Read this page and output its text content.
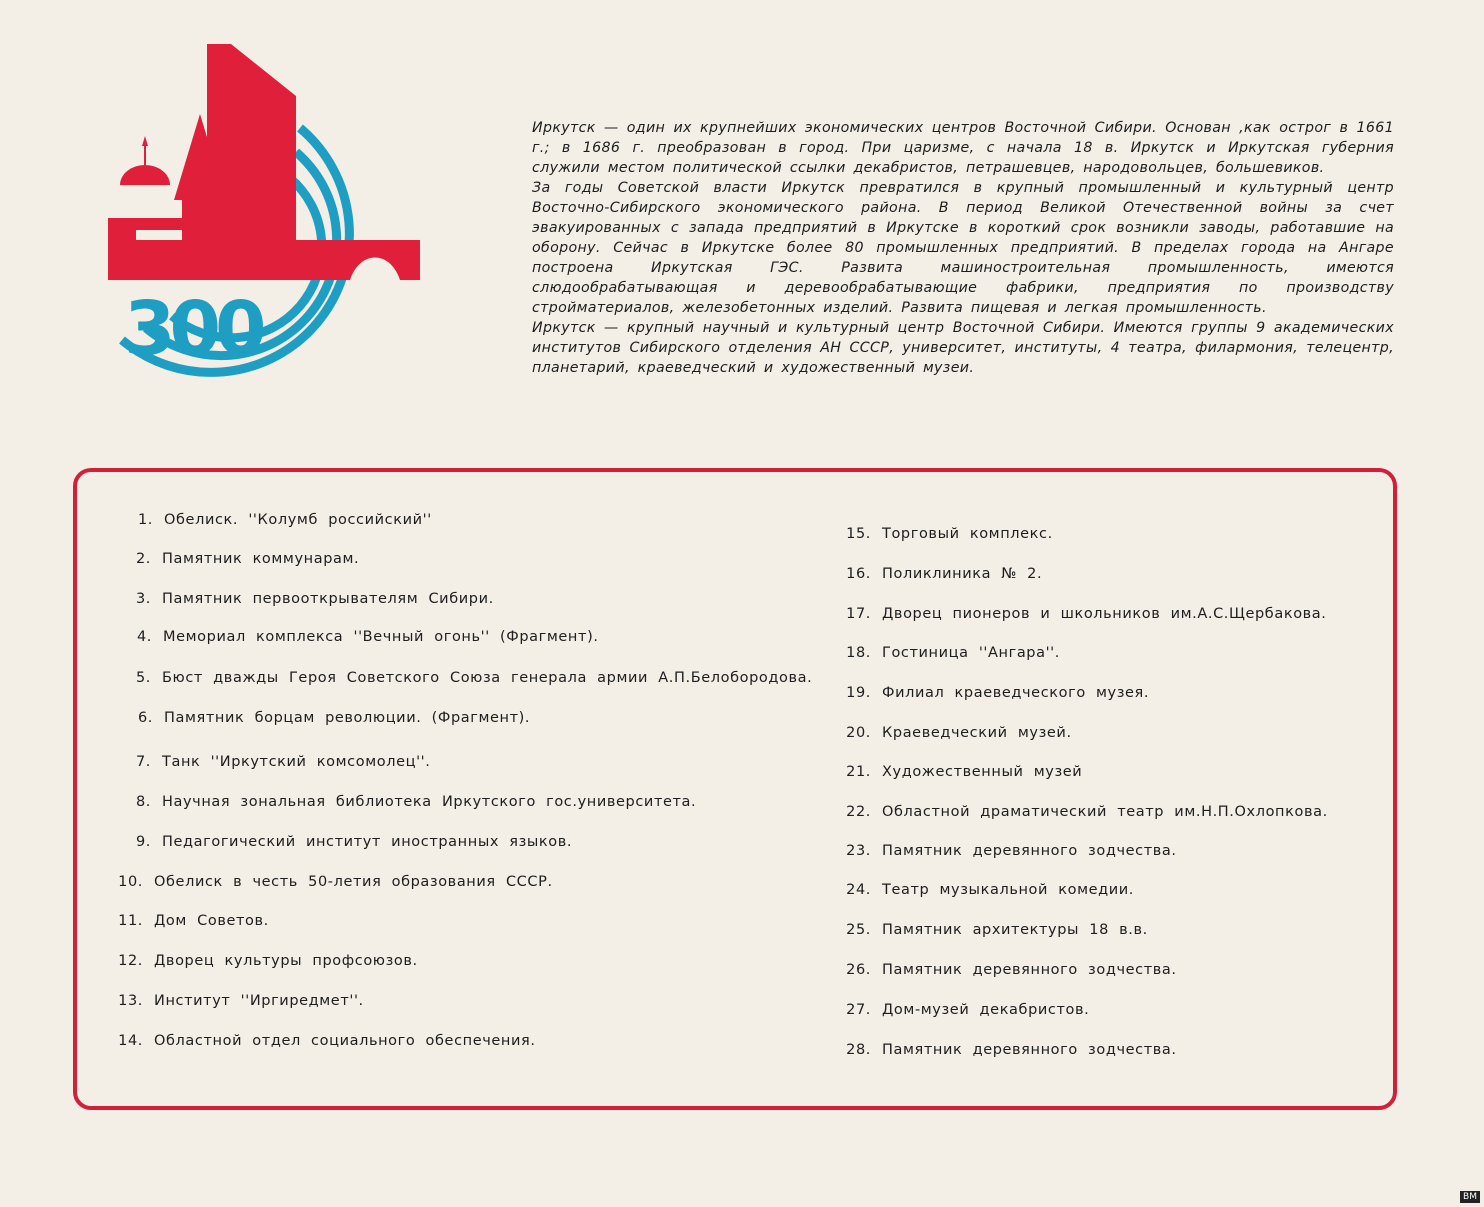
300

Иркутск — один их крупнейших экономических центров Восточной Сибири. Основан ,как острог в 1661 г.; в 1686 г. преобразован в город. При царизме, с начала 18 в. Иркутск и Иркутская губерния служили местом политической ссылки декабристов, петрашевцев, народовольцев, большевиков.

За годы Советской власти Иркутск превратился в крупный промышленный и культурный центр Восточно-Сибирского экономического района. В период Великой Отечественной войны за счет эвакуированных с запада предприятий в Иркутске в короткий срок возникли заводы, работавшие на оборону. Сейчас в Иркутске более 80 промышленных предприятий. В пределах города на Ангаре построена Иркутская ГЭС. Развита машиностроительная промышленность, имеются слюдообрабатывающая и деревообрабатывающие фабрики, предприятия по производству стройматериалов, железобетонных изделий. Развита пищевая и легкая промышленность.

Иркутск — крупный научный и культурный центр Восточной Сибири. Имеются группы 9 академических институтов Сибирского отделения АН СССР, университет, институты, 4 театра, филармония, телецентр, планетарий, краеведческий и художественный музеи.

1. Обелиск. ''Колумб российский''
2. Памятник коммунарам.
3. Памятник первооткрывателям Сибири.
4. Мемориал комплекса ''Вечный огонь'' (Фрагмент).
5. Бюст дважды Героя Советского Союза генерала армии А.П.Белобородова.
6. Памятник борцам революции. (Фрагмент).
7. Танк ''Иркутский комсомолец''.
8. Научная зональная библиотека Иркутского гос.университета.
9. Педагогический институт иностранных языков.
10. Обелиск в честь 50-летия образования СССР.
11. Дом Советов.
12. Дворец культуры профсоюзов.
13. Институт ''Иргиредмет''.
14. Областной отдел социального обеспечения.
15. Торговый комплекс.
16. Поликлиника № 2.
17. Дворец пионеров и школьников им.А.С.Щербакова.
18. Гостиница ''Ангара''.
19. Филиал краеведческого музея.
20. Краеведческий музей.
21. Художественный музей
22. Областной драматический театр им.Н.П.Охлопкова.
23. Памятник деревянного зодчества.
24. Театр музыкальной комедии.
25. Памятник архитектуры 18 в.в.
26. Памятник деревянного зодчества.
27. Дом-музей декабристов.
28. Памятник деревянного зодчества.
ВМ
